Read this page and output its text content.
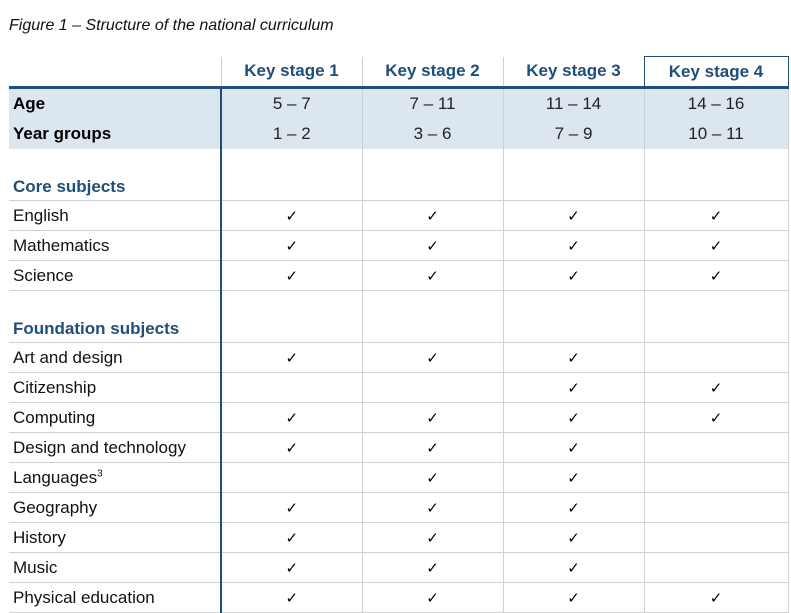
Figure 1 – Structure of the national curriculum
	Key stage 1	Key stage 2	Key stage 3	Key stage 4
Age	5 – 7	7 – 11	11 – 14	14 – 16
Year groups	1 – 2	3 – 6	7 – 9	10 – 11
Core subjects				
English	✓	✓	✓	✓
Mathematics	✓	✓	✓	✓
Science	✓	✓	✓	✓
Foundation subjects				
Art and design	✓	✓	✓	
Citizenship			✓	✓
Computing	✓	✓	✓	✓
Design and technology	✓	✓	✓	
Languages$^3$		✓	✓	
Geography	✓	✓	✓	
History	✓	✓	✓	
Music	✓	✓	✓	
Physical education	✓	✓	✓	✓
